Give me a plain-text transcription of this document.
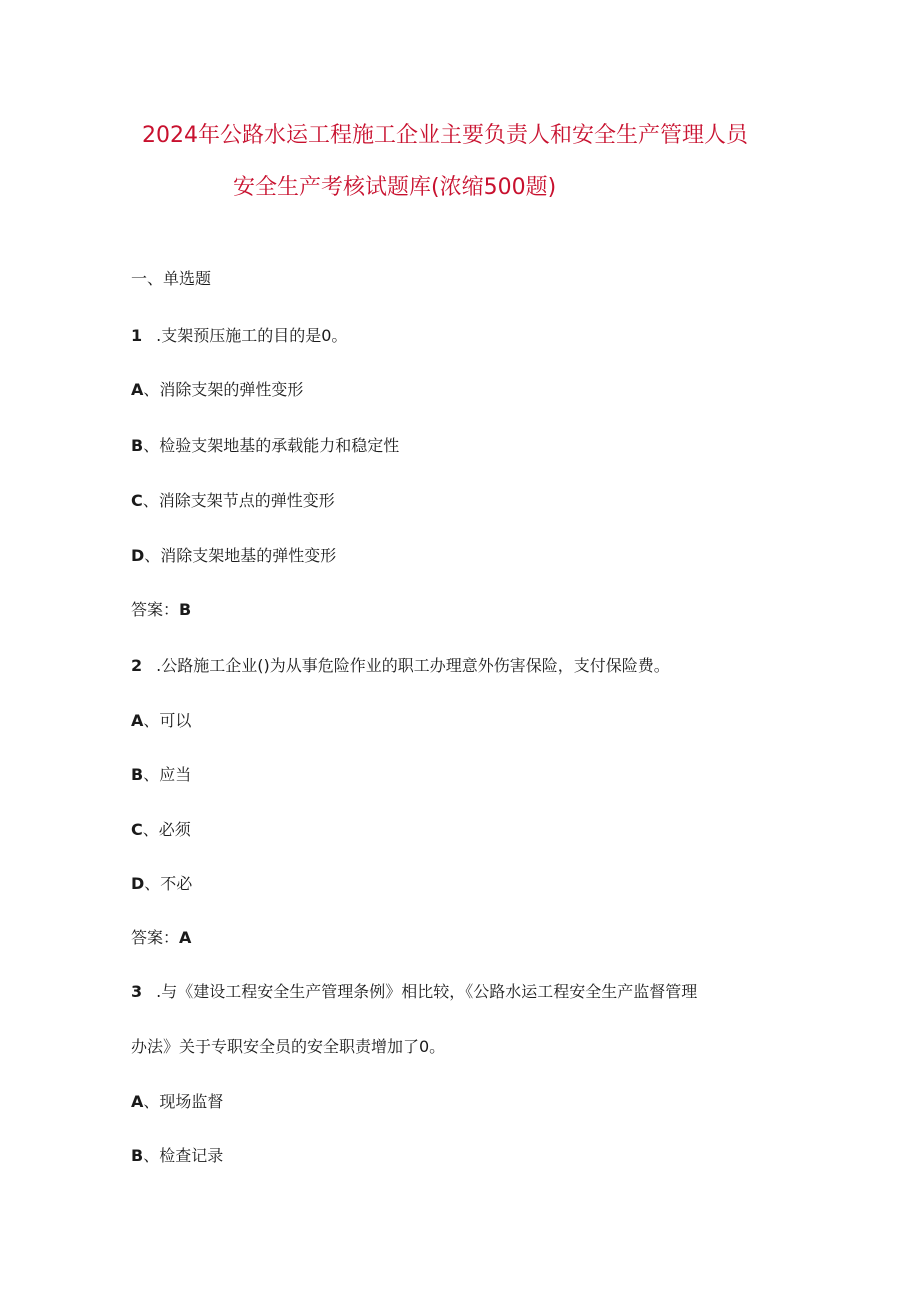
2024年公路水运工程施工企业主要负责人和安全生产管理人员
安全生产考核试题库(浓缩500题)
一、单选题
1 .支架预压施工的目的是0。
A、消除支架的弹性变形
B、检验支架地基的承载能力和稳定性
C、消除支架节点的弹性变形
D、消除支架地基的弹性变形
答案：B
2 .公路施工企业()为从事危险作业的职工办理意外伤害保险，支付保险费。
A、可以
B、应当
C、必须
D、不必
答案：A
3 .与《建设工程安全生产管理条例》相比较，《公路水运工程安全生产监督管理
办法》关于专职安全员的安全职责增加了0。
A、现场监督
B、检查记录
